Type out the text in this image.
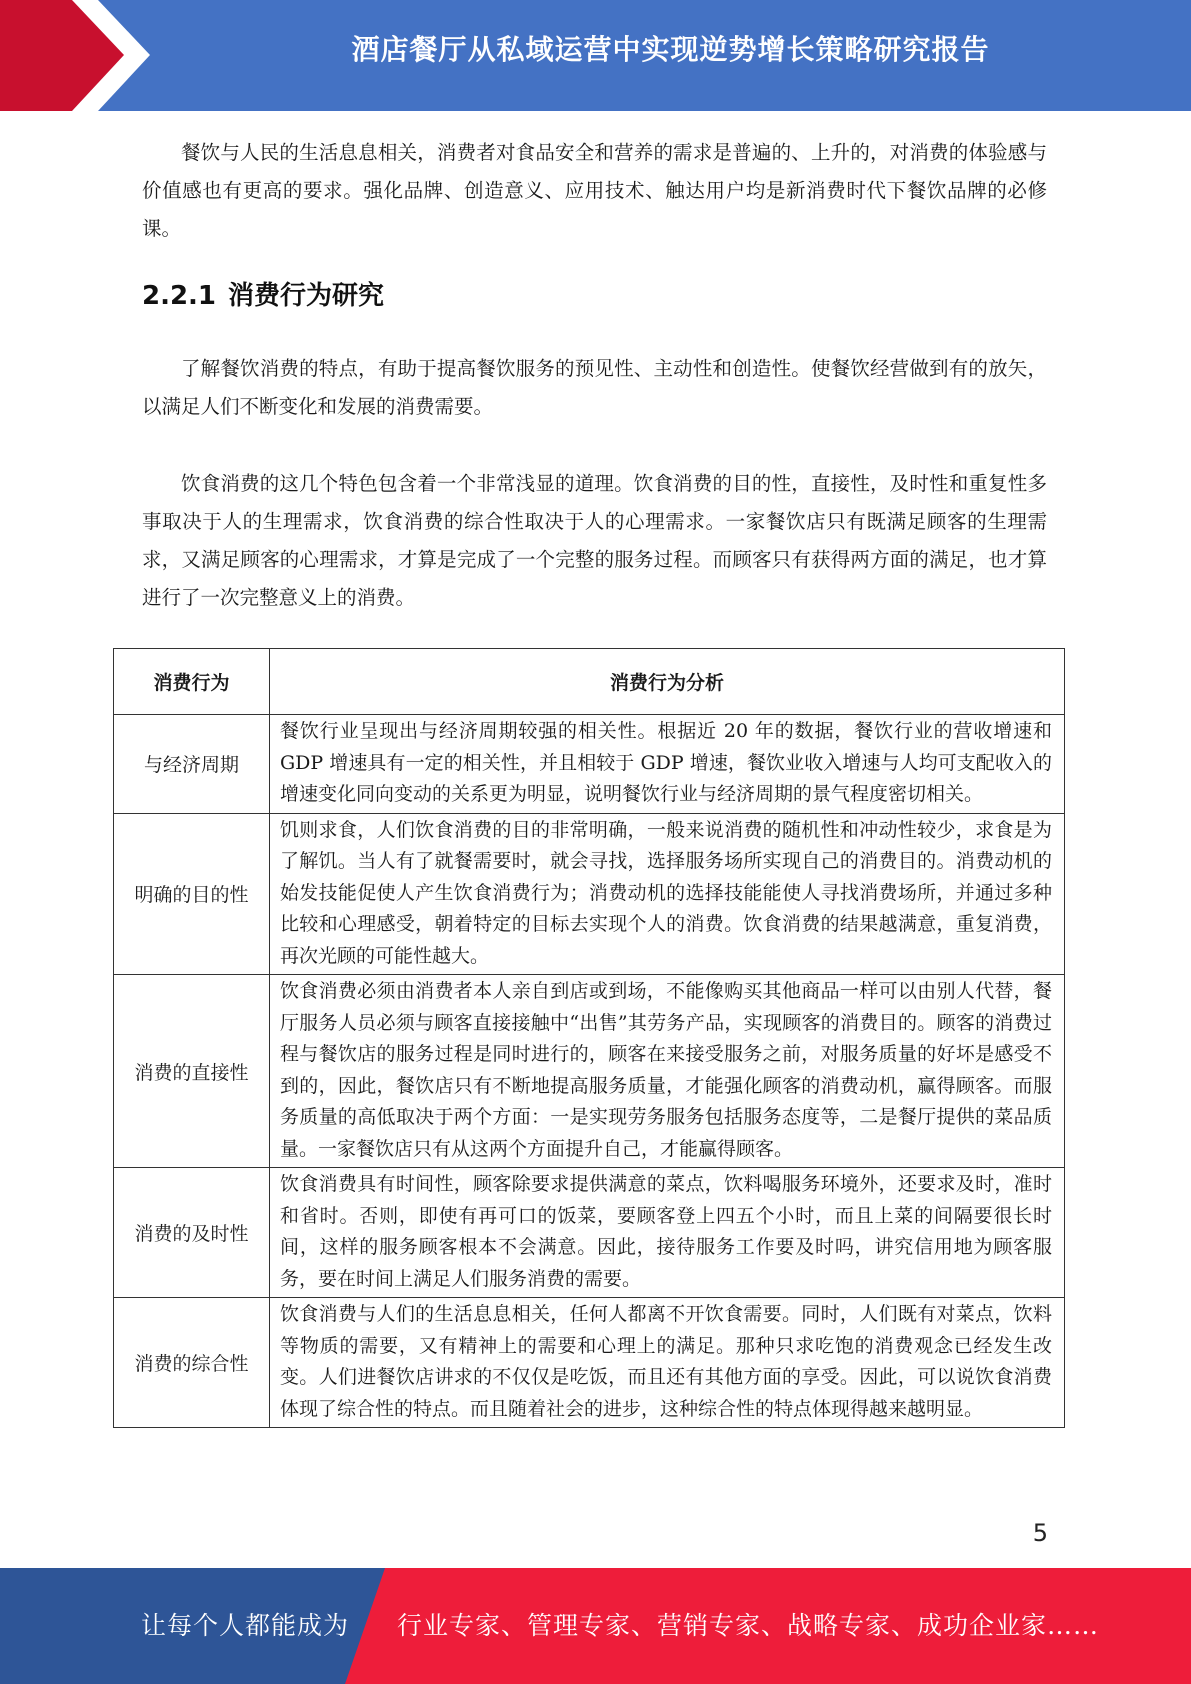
酒店餐厅从私域运营中实现逆势增长策略研究报告

餐饮与人民的生活息息相关，消费者对食品安全和营养的需求是普遍的、上升的，对消费的体验感与价值感也有更高的要求。强化品牌、创造意义、应用技术、触达用户均是新消费时代下餐饮品牌的必修课。

2.2.1 消费行为研究

了解餐饮消费的特点，有助于提高餐饮服务的预见性、主动性和创造性。使餐饮经营做到有的放矢，以满足人们不断变化和发展的消费需要。

饮食消费的这几个特色包含着一个非常浅显的道理。饮食消费的目的性，直接性，及时性和重复性多事取决于人的生理需求，饮食消费的综合性取决于人的心理需求。一家餐饮店只有既满足顾客的生理需求，又满足顾客的心理需求，才算是完成了一个完整的服务过程。而顾客只有获得两方面的满足，也才算进行了一次完整意义上的消费。

消费行为	消费行为分析
与经济周期	餐饮行业呈现出与经济周期较强的相关性。根据近 20 年的数据，餐饮行业的营收增速和 GDP 增速具有一定的相关性，并且相较于 GDP 增速，餐饮业收入增速与人均可支配收入的增速变化同向变动的关系更为明显，说明餐饮行业与经济周期的景气程度密切相关。
明确的目的性	饥则求食，人们饮食消费的目的非常明确，一般来说消费的随机性和冲动性较少，求食是为了解饥。当人有了就餐需要时，就会寻找，选择服务场所实现自己的消费目的。消费动机的始发技能促使人产生饮食消费行为；消费动机的选择技能能使人寻找消费场所，并通过多种比较和心理感受，朝着特定的目标去实现个人的消费。饮食消费的结果越满意，重复消费，再次光顾的可能性越大。
消费的直接性	饮食消费必须由消费者本人亲自到店或到场，不能像购买其他商品一样可以由别人代替，餐厅服务人员必须与顾客直接接触中“出售”其劳务产品，实现顾客的消费目的。顾客的消费过程与餐饮店的服务过程是同时进行的，顾客在来接受服务之前，对服务质量的好坏是感受不到的，因此，餐饮店只有不断地提高服务质量，才能强化顾客的消费动机，赢得顾客。而服务质量的高低取决于两个方面：一是实现劳务服务包括服务态度等，二是餐厅提供的菜品质量。一家餐饮店只有从这两个方面提升自己，才能赢得顾客。
消费的及时性	饮食消费具有时间性，顾客除要求提供满意的菜点，饮料喝服务环境外，还要求及时，准时和省时。否则，即使有再可口的饭菜，要顾客登上四五个小时，而且上菜的间隔要很长时间，这样的服务顾客根本不会满意。因此，接待服务工作要及时吗，讲究信用地为顾客服务，要在时间上满足人们服务消费的需要。
消费的综合性	饮食消费与人们的生活息息相关，任何人都离不开饮食需要。同时，人们既有对菜点，饮料等物质的需要，又有精神上的需要和心理上的满足。那种只求吃饱的消费观念已经发生改变。人们进餐饮店讲求的不仅仅是吃饭，而且还有其他方面的享受。因此，可以说饮食消费体现了综合性的特点。而且随着社会的进步，这种综合性的特点体现得越来越明显。
5
让每个人都能成为 行业专家、管理专家、营销专家、战略专家、成功企业家……
